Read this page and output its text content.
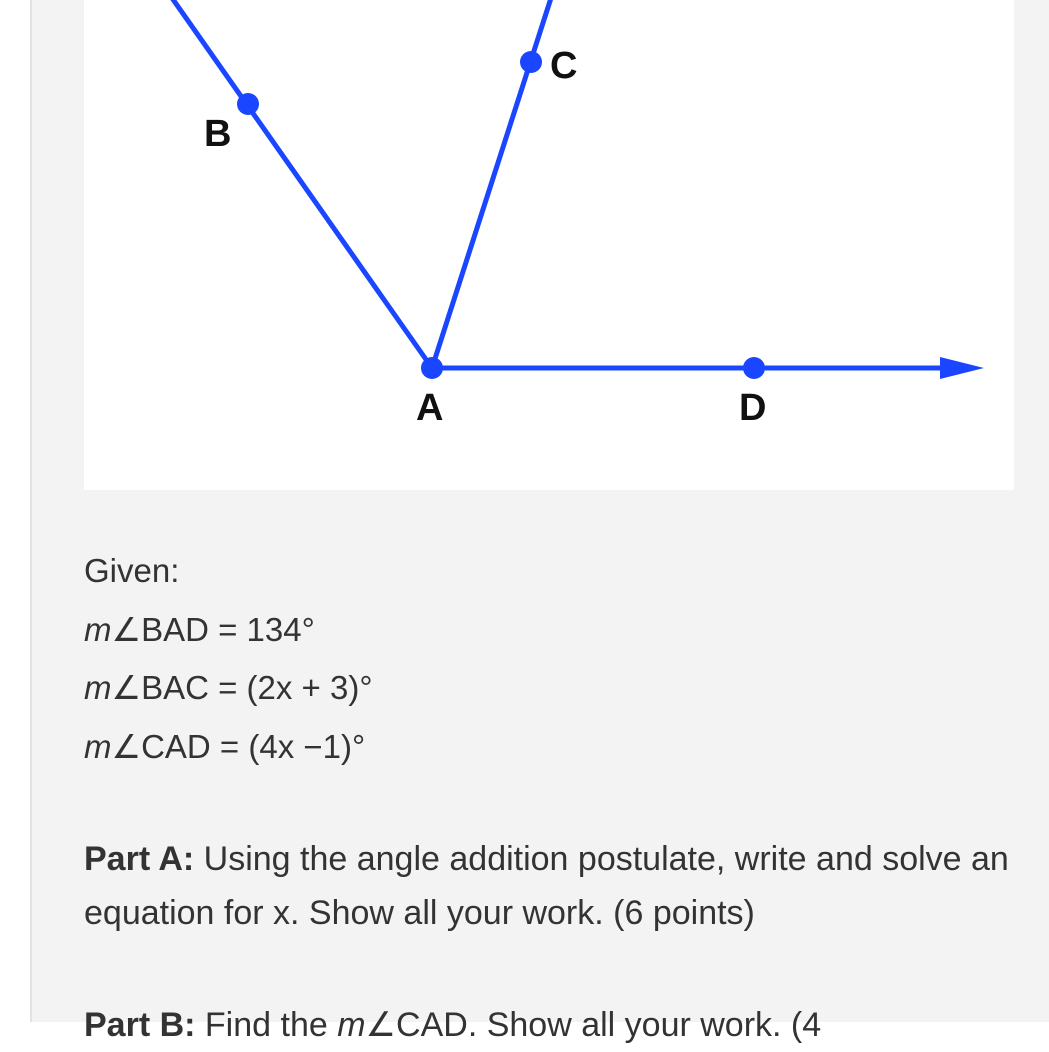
B
C
A	D
Given:
m∠BAD = 134°
m∠BAC = (2x + 3)°
m∠CAD = (4x −1)°
Part A: Using the angle addition postulate, write and solve an equation for x. Show all your work. (6 points)
Part B: Find the m∠CAD. Show all your work. (4
